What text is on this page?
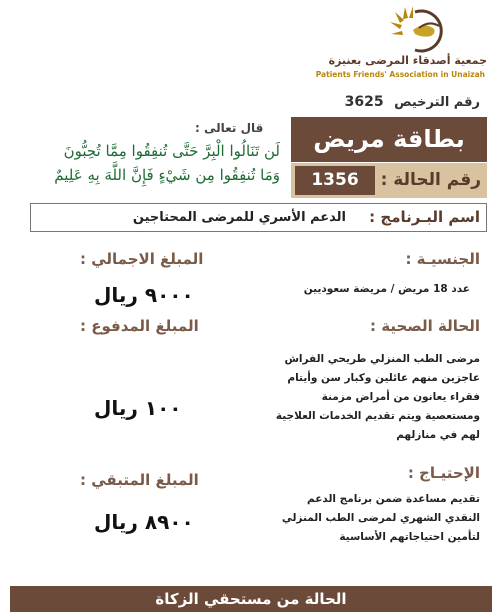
جمعية أصدقاء المرضى بعنيزة
Patients Friends' Association in Unaizah
رقم الترخيص 3625
قال تعالى :
لَن تَنَالُوا الْبِرَّ حَتَّى تُنفِقُوا مِمَّا تُحِبُّونَ
وَمَا تُنفِقُوا مِن شَيْءٍ فَإِنَّ اللَّهَ بِهِ عَلِيمٌ
بطاقة مريض
رقم الحالة :
1356
اسم البـرنامج :
الدعم الأسري للمرضى المحتاجين
الجنسيـة :
عدد 18 مريض / مريضة سعوديين
الحالة الصحية :
مرضى الطب المنزلي طريحي الفراش عاجزين منهم عائلين وكبار سن وأيتام فقراء يعانون من أمراض مزمنة ومستعصية ويتم تقديم الخدمات العلاجية لهم في منازلهم
الإحتيـاج :
تقديم مساعدة ضمن برنامج الدعم النقدي الشهري لمرضى الطب المنزلي لتأمين احتياجاتهم الأساسية
المبلغ الاجمالي :
٩٠٠٠ ريال
المبلغ المدفوع :
١٠٠ ريال
المبلغ المتبقي :
٨٩٠٠ ريال
الحالة من مستحقي الزكاة
